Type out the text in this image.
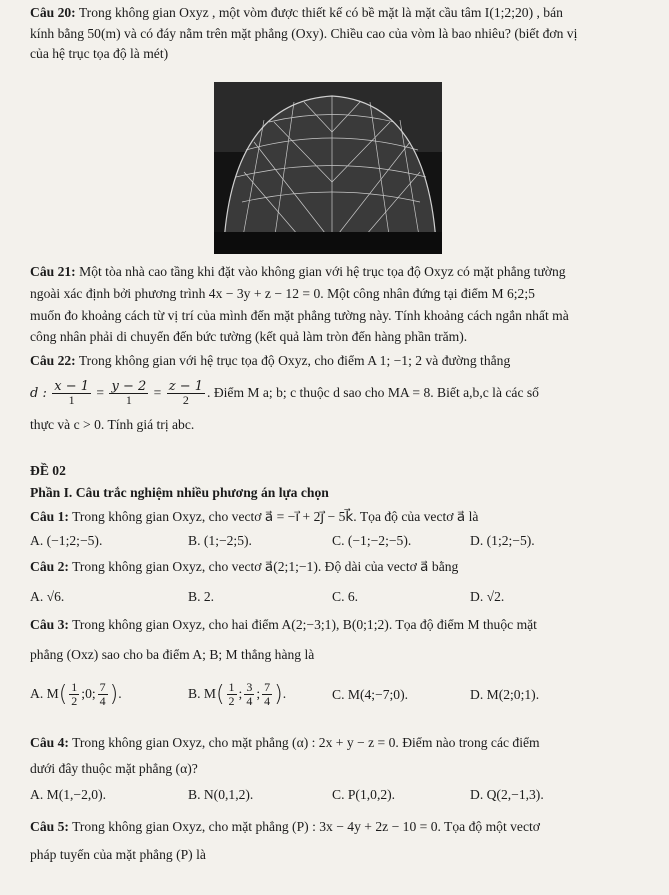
Câu 20: Trong không gian Oxyz , một vòm được thiết kế có bề mặt là mặt cầu tâm I(1;2;20) , bán
kính bằng 50(m) và có đáy nằm trên mặt phẳng (Oxy). Chiều cao của vòm là bao nhiêu? (biết đơn vị
của hệ trục tọa độ là mét)
Câu 21: Một tòa nhà cao tầng khi đặt vào không gian với hệ trục tọa độ Oxyz có mặt phẳng tường
ngoài xác định bởi phương trình 4x − 3y + z − 12 = 0. Một công nhân đứng tại điểm M 6;2;5
muốn đo khoảng cách từ vị trí của mình đến mặt phẳng tường này. Tính khoảng cách ngắn nhất mà
công nhân phải di chuyển đến bức tường (kết quả làm tròn đến hàng phần trăm).
Câu 22: Trong không gian với hệ trục tọa độ Oxyz, cho điểm A 1; −1; 2 và đường thẳng
d : $\frac{x - 1}{1} = \frac{y - 2}{1} = \frac{z - 1}{2}$ . Điểm M a; b; c thuộc d sao cho MA = 8. Biết a,b,c là các số
thực và c > 0. Tính giá trị abc.
ĐỀ 02
Phần I. Câu trắc nghiệm nhiều phương án lựa chọn
Câu 1: Trong không gian Oxyz, cho vectơ a⃗ = −i⃗ + 2j⃗ − 5k⃗. Tọa độ của vectơ a⃗ là
A. (−1;2;−5).	B. (1;−2;5).	C. (−1;−2;−5).	D. (1;2;−5).
Câu 2: Trong không gian Oxyz, cho vectơ a⃗(2;1;−1). Độ dài của vectơ a⃗ bằng
A. √6.	B. 2.	C. 6.	D. √2.
Câu 3: Trong không gian Oxyz, cho hai điểm A(2;−3;1), B(0;1;2). Tọa độ điểm M thuộc mặt
phẳng (Oxz) sao cho ba điểm A; B; M thẳng hàng là
A. $M( \frac{1}{2}$ ;0; $\frac{7}{4}$ ).	B. $M( \frac{1}{2}$ ; $\frac{3}{4}$ ; $\frac{7}{4}$ ).	C. M(4;−7;0).	D. M(2;0;1).
Câu 4: Trong không gian Oxyz, cho mặt phẳng (α) : 2x + y − z = 0. Điểm nào trong các điểm
dưới đây thuộc mặt phẳng (α)?
A. M(1,−2,0).	B. N(0,1,2).	C. P(1,0,2).	D. Q(2,−1,3).
Câu 5: Trong không gian Oxyz, cho mặt phẳng (P) : 3x − 4y + 2z − 10 = 0. Tọa độ một vectơ
pháp tuyến của mặt phẳng (P) là
